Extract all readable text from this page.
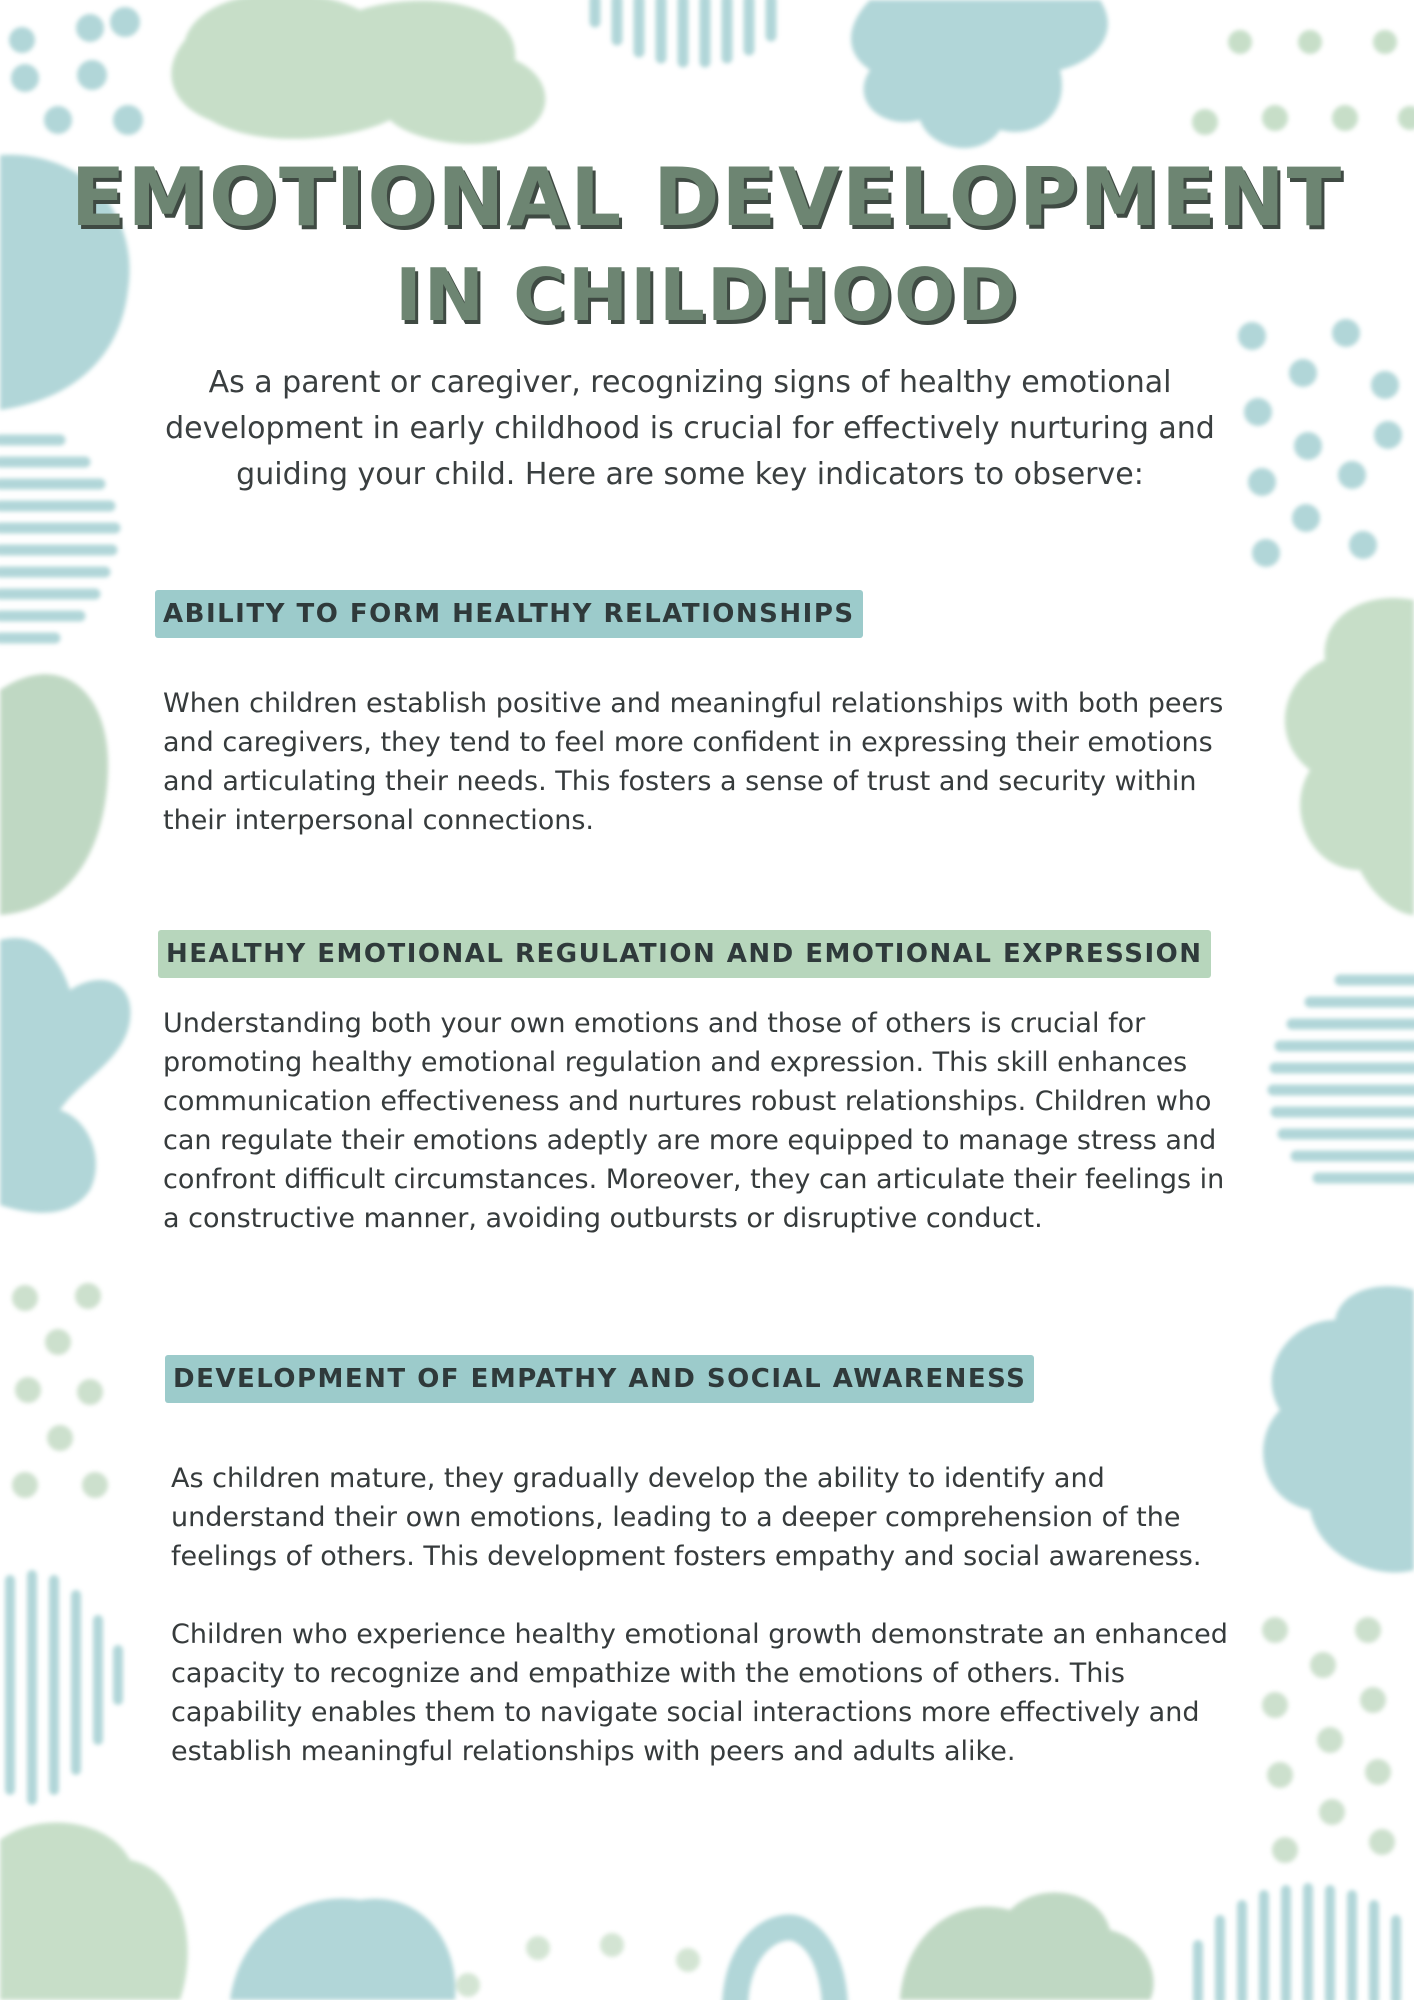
EMOTIONAL DEVELOPMENT
IN CHILDHOOD

As a parent or caregiver, recognizing signs of healthy emotional development in early childhood is crucial for effectively nurturing and guiding your child. Here are some key indicators to observe:

ABILITY TO FORM HEALTHY RELATIONSHIPS

When children establish positive and meaningful relationships with both peers and caregivers, they tend to feel more confident in expressing their emotions and articulating their needs. This fosters a sense of trust and security within their interpersonal connections.

HEALTHY EMOTIONAL REGULATION AND EMOTIONAL EXPRESSION

Understanding both your own emotions and those of others is crucial for promoting healthy emotional regulation and expression. This skill enhances communication effectiveness and nurtures robust relationships. Children who can regulate their emotions adeptly are more equipped to manage stress and confront difficult circumstances. Moreover, they can articulate their feelings in a constructive manner, avoiding outbursts or disruptive conduct.

DEVELOPMENT OF EMPATHY AND SOCIAL AWARENESS

As children mature, they gradually develop the ability to identify and understand their own emotions, leading to a deeper comprehension of the feelings of others. This development fosters empathy and social awareness.

Children who experience healthy emotional growth demonstrate an enhanced capacity to recognize and empathize with the emotions of others. This capability enables them to navigate social interactions more effectively and establish meaningful relationships with peers and adults alike.
